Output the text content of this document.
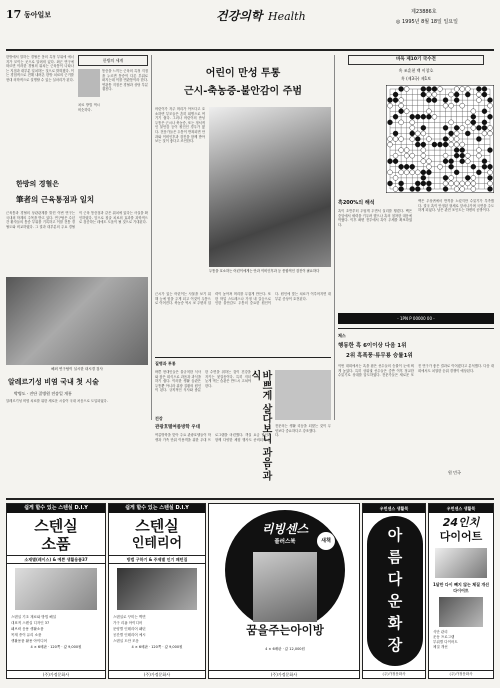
17 동아일보	건강의학 Health	제23886호
◎ 1995년 8월 18일 일요일
한방에서 말하는 경혈은 몸의 특정 부위에 에너지가 모이는 곳으로 알려져 있다. 최근 연구에 따르면 이러한 경혈의 위치는 근육통이 나타나는 지점과 대부분 일치하는 것으로 밝혀졌다. 이는 경험적으로 전해 내려온 한방 치료의 근거를 현대 의학적으로 설명할 수 있는 실마리가 된다.
한방의 세계
통증을 느끼는 근육의 특정 지점을 누르면 통증이 다른 부위로 퍼지는데 이를 연관통이라 한다. 연관통 지점은 경혈과 상당 부분 겹친다.
치료 방법 역시 비슷하다.
한방의 경혈은
筆者의 근육통점과 일치
근육통과 경혈의 상관관계를 밝힌 이번 연구는 국내외 학계의 주목을 받고 있다. 연구팀은 수년간 환자들의 통증 부위를 기록하고 이를 전통 경혈도와 비교하였다. 그 결과 대부분의 주요 경혈이 근육 통증점과 같은 위치에 있다는 사실을 확인하였다. 앞으로 침술 치료의 효과를 과학적으로 검증하는 데에도 도움이 될 것으로 기대된다.
해외 연구팀이 실시한 내시경 검사
알레르기성 비염 국내 첫 시술
박병도 · 진단 질병원 전송일 개통
알레르기성 비염 치료를 위한 새로운 시술이 국내 처음으로 도입되었다.
어린이 만성 투통
근시-축농증-불안감이 주범
어린이가 자주 머리가 아프다고 호소하면 부모들은 흔히 꾀병으로 여기기 쉽다. 그러나 어린이의 만성 두통은 근시나 축농증, 또는 정서적인 불안감 등이 원인인 경우가 많다. 전문가들은 두통이 반복되면 안과와 이비인후과 검진을 함께 받아보는 것이 좋다고 조언한다.
두통을 호소하는 어린이에게는 안과 이비인후과 등 종합적인 검진이 필요하다
근시가 있는 어린이는 사물을 보기 위해 눈에 힘을 주게 되고 이것이 두통으로 이어진다. 축농증 역시 코 주변의 압력이 높아져 머리를 무겁게 만든다. 또한 학업 스트레스나 가정 내 갈등으로 인한 불안감도 두통의 중요한 원인이다. 원인에 맞는 치료가 이루어지면 대부분 증상이 호전된다.
질병과 투통
바쁜 현대인들은 불규칙한 식사와 잦은 회식으로 과음과 과식을 하기 쉽다. 이러한 생활 습관은 두통뿐 아니라 위장 질환의 원인이 된다. 규칙적인 식사와 충분한 수면을 취하는 것이 건강을 지키는 첫걸음이다. 특히 저녁 늦게 먹는 습관은 반드시 고쳐야 한다.	바쁘게 살다보니 과음·과식
전문의는 생활 리듬을 되찾는 것이 무엇보다 중요하다고 강조했다.
바둑 제10기 국수전
흑 조훈현 백 이창호
흑 (제3국) 제1보
흑200%의 해석
흑이 초반부터 두텁게 두면서 실리를 챙겼다. 백은 중앙에서 세력을 키우려 했으나 흑의 침착한 대응에 막혔다. 이후 좌변 전투에서 흑이 우세를 확보하였다.
백은 우상귀에서 반격을 노렸지만 수읽기가 부족했다. 결국 흑이 안정된 형세로 앞서나가며 국면을 주도하게 되었다. 남은 관전 포인트는 하변의 공방이다.
- 1PN P 00000 00 -
체스
행동한 흑 6이이상 다음 1위
2위 흑폭풍·류무룡 승률1위
이번 대회에서는 흑을 잡은 선수들의 승률이 눈에 띄게 높았다. 특히 상위권 선수들은 중반 이후 정교한 수읽기로 상대를 압도하였다. 전문가들은 새로운 포진 연구가 좋은 결과로 이어졌다고 분석했다. 다음 대회에서도 치열한 순위 경쟁이 예상된다.
원 민국
건강
관광호텔여름방학 우대
여름방학을 맞아 주요 관광호텔들이 학생과 가족 단위 이용객을 위한 우대 프로그램을 마련했다. 객실 요금 할인과 함께 다양한 체험 행사도 준비되어 있다.
쉽게 할수 있는 스텐실 D.I.Y
스텐실
소품
소재별(레이스) & 예쁜 생활용품37
스텐실 기초 재료와 방법 해설
대표적 스텐실 디자인 37
패브릭 응용 생활소품
목재 종이 유리 소품
생활용품 활용 아이디어
4 × 6배판 · 120쪽 · 값 9,000원
(주)가정문화사
쉽게 할수 있는 스텐실 D.I.Y
스텐실
인테리어
방법 구하기 & 주제별 인기 패턴집
스텐실로 꾸미는 벽면
가구 리폼 아이디어
문양별 인테리어 패턴
공간별 인테리어 예시
스텐실 도안 모음
4 × 6배판 · 120쪽 · 값 9,000원
(주)가정문화사
리빙센스
플러스북	새책
꿈을주는아이방
4 × 6배판 · 값 12,000원
(주)가정문화사
우먼센스 생활북
아름다운화장
(주)가정문화사
우먼센스 생활북
24인치
다이어트
1달만 다이 빼지 않는 체질 개선 다이어트
식단 관리
운동 프로그램
부위별 다이어트
체질 개선
(주)가정문화사
